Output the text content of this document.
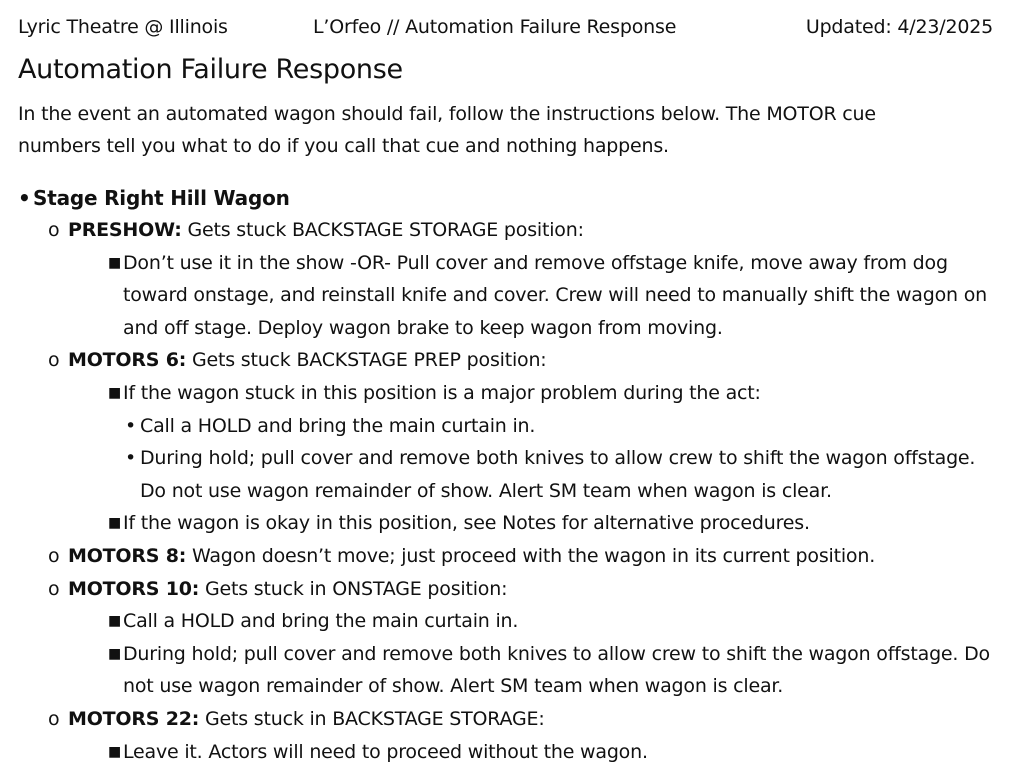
Lyric Theatre @ Illinois	L’Orfeo // Automation Failure Response	Updated: 4/23/2025
Automation Failure Response

In the event an automated wagon should fail, follow the instructions below. The MOTOR cue numbers tell you what to do if you call that cue and nothing happens.

• Stage Right Hill Wagon
o PRESHOW: Gets stuck BACKSTAGE STORAGE position:
■ Don’t use it in the show -OR- Pull cover and remove offstage knife, move away from dog toward onstage, and reinstall knife and cover. Crew will need to manually shift the wagon on and off stage. Deploy wagon brake to keep wagon from moving.
o MOTORS 6: Gets stuck BACKSTAGE PREP position:
■ If the wagon stuck in this position is a major problem during the act:
• Call a HOLD and bring the main curtain in.
• During hold; pull cover and remove both knives to allow crew to shift the wagon offstage. Do not use wagon remainder of show. Alert SM team when wagon is clear.
■ If the wagon is okay in this position, see Notes for alternative procedures.
o MOTORS 8: Wagon doesn’t move; just proceed with the wagon in its current position.
o MOTORS 10: Gets stuck in ONSTAGE position:
■ Call a HOLD and bring the main curtain in.
■ During hold; pull cover and remove both knives to allow crew to shift the wagon offstage. Do not use wagon remainder of show. Alert SM team when wagon is clear.
o MOTORS 22: Gets stuck in BACKSTAGE STORAGE:
■ Leave it. Actors will need to proceed without the wagon.
